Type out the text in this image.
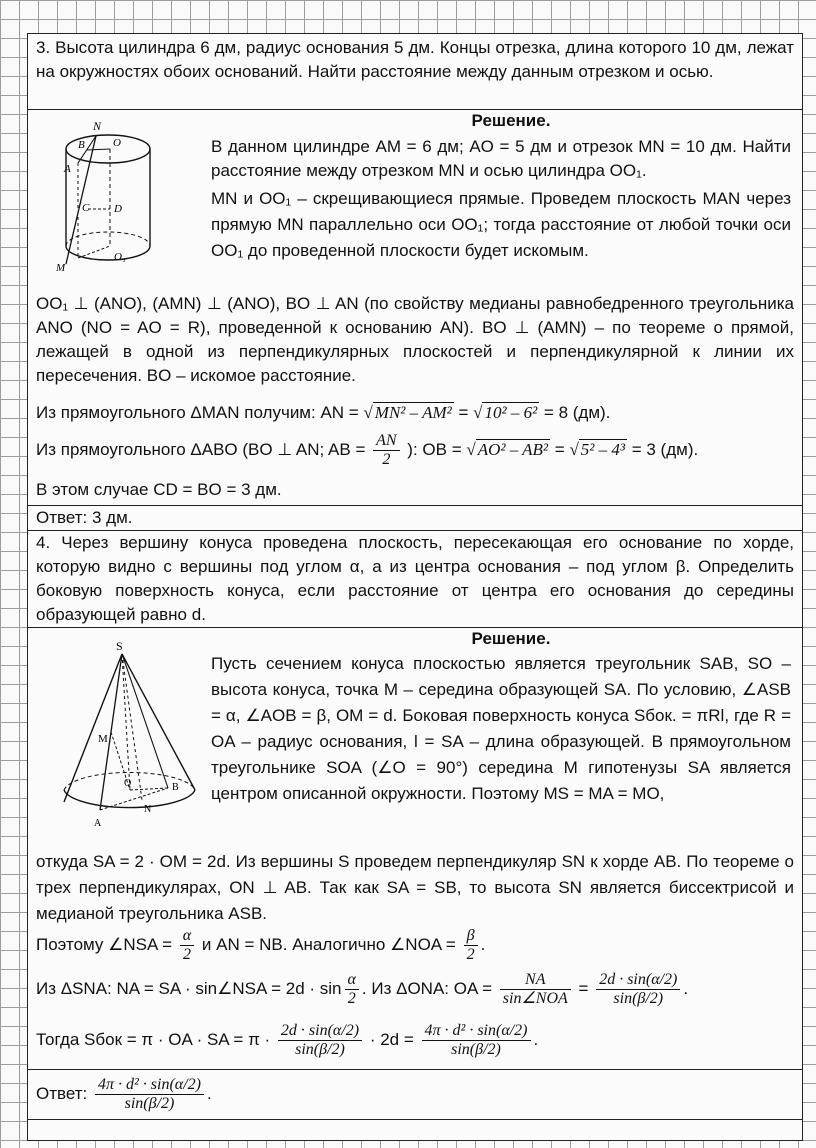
3. Высота цилиндра 6 дм, радиус основания 5 дм. Концы отрезка, длина которого 10 дм, лежат на окружностях обоих оснований. Найти расстояние между данным отрезком и осью.
Решение.
N
B	O
A
C D
O₁
M
В данном цилиндре AM = 6 дм; AO = 5 дм и отрезок MN = 10 дм. Найти расстояние между отрезком MN и осью цилиндра OO₁.
MN и OO₁ – скрещивающиеся прямые. Проведем плоскость MAN через прямую MN параллельно оси OO₁; тогда расстояние от любой точки оси OO₁ до проведенной плоскости будет искомым.
OO₁ ⊥ (ANO), (AMN) ⊥ (ANO), BO ⊥ AN (по свойству медианы равнобедренного треугольника ANO (NO = AO = R), проведенной к основанию AN). BO ⊥ (AMN) – по теореме о прямой, лежащей в одной из перпендикулярных плоскостей и перпендикулярной к линии их пересечения. BO – искомое расстояние.
Из прямоугольного ΔMAN получим: AN = √ MN² – AM² = √ 10² – 6² = 8 (дм).
Из прямоугольного ΔABO (BO ⊥ AN; AB = $\frac{AN}{2}$ ): OB = √ AO² – AB² = √ 5² – 4³ = 3 (дм).
В этом случае CD = BO = 3 дм.
Ответ: 3 дм.
4. Через вершину конуса проведена плоскость, пересекающая его основание по хорде, которую видно с вершины под углом α, а из центра основания – под углом β. Определить боковую поверхность конуса, если расстояние от центра его основания до середины образующей равно d.
Решение.
S
M
O	B
N
A
Пусть сечением конуса плоскостью является треугольник SAB, SO – высота конуса, точка M – середина образующей SA. По условию, ∠ASB = α, ∠AOB = β, OM = d. Боковая поверхность конуса Sбок. = πRl, где R = OA – радиус основания, l = SA – длина образующей. В прямоугольном треугольнике SOA (∠O = 90°) середина M гипотенузы SA является центром описанной окружности. Поэтому MS = MA = MO,
откуда SA = 2 · OM = 2d. Из вершины S проведем перпендикуляр SN к хорде AB. По теореме о трех перпендикулярах, ON ⊥ AB. Так как SA = SB, то высота SN является биссектрисой и медианой треугольника ASB.
Поэтому ∠NSA = $\frac{\alpha}{2}$ и AN = NB. Аналогично ∠NOA = $\frac{\beta}{2}$ .
Из ΔSNA: NA = SA · sin∠NSA = $2d \cdot \sin \frac{\alpha}{2}$ . Из ΔONA: OA = $\frac{NA}{\text{sin∠NOA}} = \frac{2d \cdot \sin(\alpha/2)}{\sin(\beta/2)}$ .
Тогда Sбок = π · OA · SA = $\pi \cdot \frac{2d \cdot \sin(\alpha/2)}{\sin(\beta/2)} \cdot 2d = \frac{\text{4π · d² · sin(α/2)}}{\sin(\beta/2)}$ .
Ответ: $\frac{\text{4π · d² · sin(α/2)}}{\sin(\beta/2)}$ .
